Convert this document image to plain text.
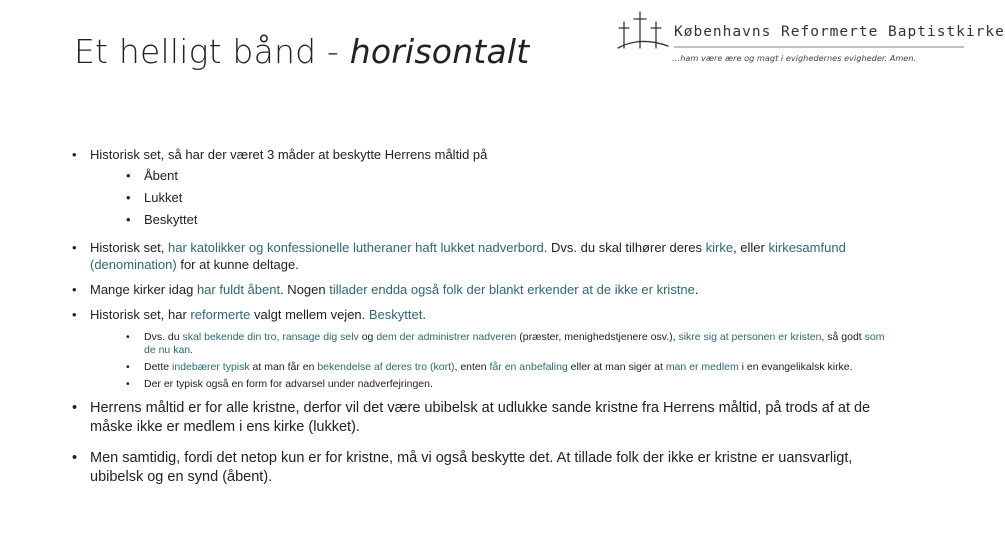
Et helligt bånd - horisontalt	Københavns Reformerte Baptistkirke
…ham være ære og magt i evighedernes evigheder. Amen.
• Historisk set, så har der været 3 måder at beskytte Herrens måltid på
• Åbent
• Lukket
• Beskyttet
• Historisk set, har katolikker og konfessionelle lutheraner haft lukket nadverbord. Dvs. du skal tilhører deres kirke, eller kirkesamfund (denomination) for at kunne deltage.
• Mange kirker idag har fuldt åbent. Nogen tillader endda også folk der blankt erkender at de ikke er kristne.
• Historisk set, har reformerte valgt mellem vejen. Beskyttet.
• Dvs. du skal bekende din tro, ransage dig selv og dem der administrer nadveren (præster, menighedstjenere osv.), sikre sig at personen er kristen, så godt som de nu kan.
• Dette indebærer typisk at man får en bekendelse af deres tro (kort), enten får en anbefaling eller at man siger at man er medlem i en evangelikalsk kirke.
• Der er typisk også en form for advarsel under nadverfejringen.
• Herrens måltid er for alle kristne, derfor vil det være ubibelsk at udlukke sande kristne fra Herrens måltid, på trods af at de måske ikke er medlem i ens kirke (lukket).
• Men samtidig, fordi det netop kun er for kristne, må vi også beskytte det. At tillade folk der ikke er kristne er uansvarligt, ubibelsk og en synd (åbent).
